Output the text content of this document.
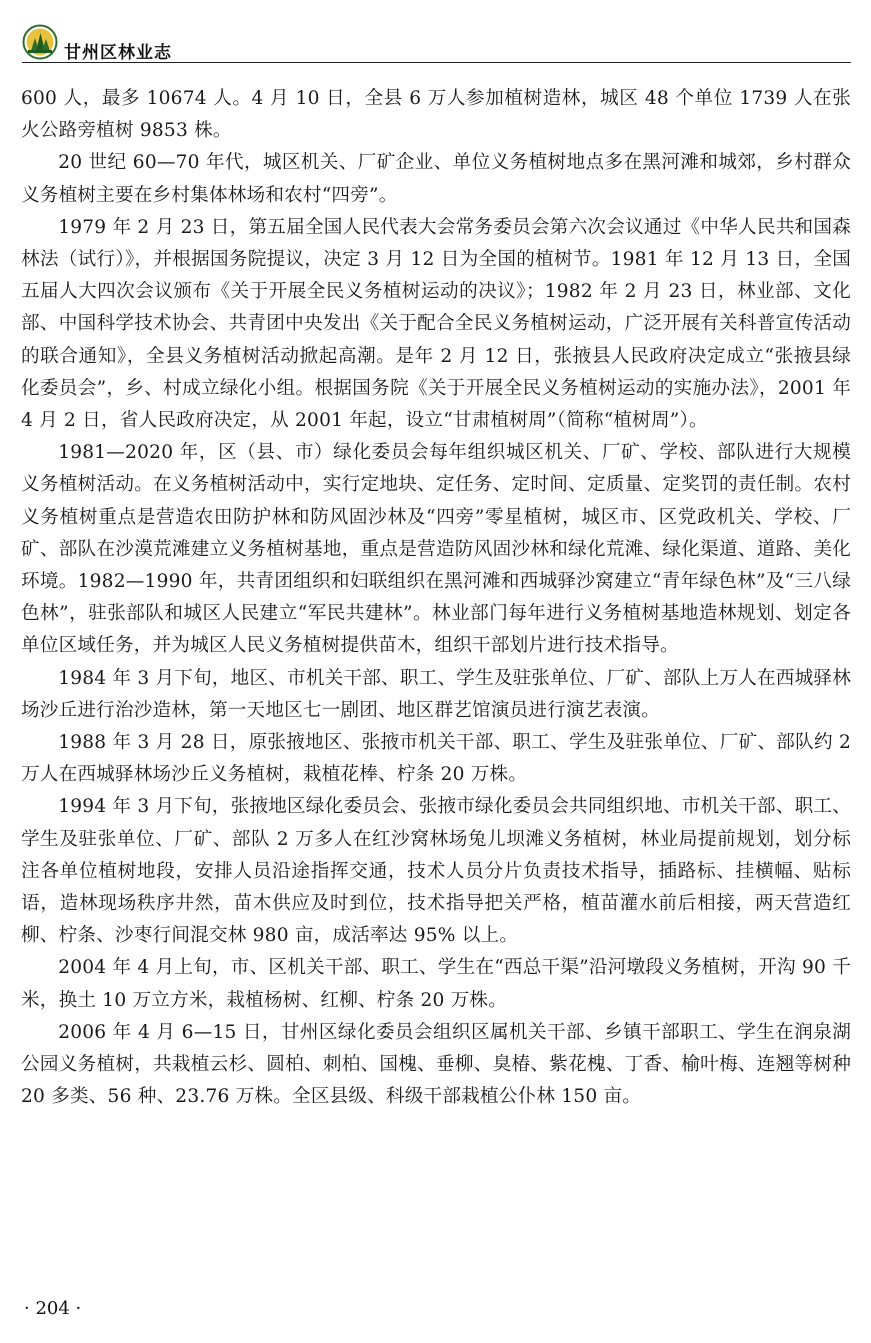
甘州区林业志

600 人，最多 10674 人。4 月 10 日，全县 6 万人参加植树造林，城区 48 个单位 1739 人在张火公路旁植树 9853 株。

20 世纪 60—70 年代，城区机关、厂矿企业、单位义务植树地点多在黑河滩和城郊，乡村群众义务植树主要在乡村集体林场和农村“四旁”。

1979 年 2 月 23 日，第五届全国人民代表大会常务委员会第六次会议通过《中华人民共和国森林法（试行）》，并根据国务院提议，决定 3 月 12 日为全国的植树节。1981 年 12 月 13 日，全国五届人大四次会议颁布《关于开展全民义务植树运动的决议》；1982 年 2 月 23 日，林业部、文化部、中国科学技术协会、共青团中央发出《关于配合全民义务植树运动，广泛开展有关科普宣传活动的联合通知》，全县义务植树活动掀起高潮。是年 2 月 12 日，张掖县人民政府决定成立“张掖县绿化委员会”，乡、村成立绿化小组。根据国务院《关于开展全民义务植树运动的实施办法》，2001 年 4 月 2 日，省人民政府决定，从 2001 年起，设立“甘肃植树周”（简称“植树周”）。

1981—2020 年，区（县、市）绿化委员会每年组织城区机关、厂矿、学校、部队进行大规模义务植树活动。在义务植树活动中，实行定地块、定任务、定时间、定质量、定奖罚的责任制。农村义务植树重点是营造农田防护林和防风固沙林及“四旁”零星植树，城区市、区党政机关、学校、厂矿、部队在沙漠荒滩建立义务植树基地，重点是营造防风固沙林和绿化荒滩、绿化渠道、道路、美化环境。1982—1990 年，共青团组织和妇联组织在黑河滩和西城驿沙窝建立“青年绿色林”及“三八绿色林”，驻张部队和城区人民建立“军民共建林”。林业部门每年进行义务植树基地造林规划、划定各单位区域任务，并为城区人民义务植树提供苗木，组织干部划片进行技术指导。

1984 年 3 月下旬，地区、市机关干部、职工、学生及驻张单位、厂矿、部队上万人在西城驿林场沙丘进行治沙造林，第一天地区七一剧团、地区群艺馆演员进行演艺表演。

1988 年 3 月 28 日，原张掖地区、张掖市机关干部、职工、学生及驻张单位、厂矿、部队约 2 万人在西城驿林场沙丘义务植树，栽植花棒、柠条 20 万株。

1994 年 3 月下旬，张掖地区绿化委员会、张掖市绿化委员会共同组织地、市机关干部、职工、学生及驻张单位、厂矿、部队 2 万多人在红沙窝林场兔儿坝滩义务植树，林业局提前规划，划分标注各单位植树地段，安排人员沿途指挥交通，技术人员分片负责技术指导，插路标、挂横幅、贴标语，造林现场秩序井然，苗木供应及时到位，技术指导把关严格，植苗灌水前后相接，两天营造红柳、柠条、沙枣行间混交林 980 亩，成活率达 95% 以上。

2004 年 4 月上旬，市、区机关干部、职工、学生在“西总干渠”沿河墩段义务植树，开沟 90 千米，换土 10 万立方米，栽植杨树、红柳、柠条 20 万株。

2006 年 4 月 6—15 日，甘州区绿化委员会组织区属机关干部、乡镇干部职工、学生在润泉湖公园义务植树，共栽植云杉、圆柏、刺柏、国槐、垂柳、臭椿、紫花槐、丁香、榆叶梅、连翘等树种 20 多类、56 种、23.76 万株。全区县级、科级干部栽植公仆林 150 亩。

· 204 ·
